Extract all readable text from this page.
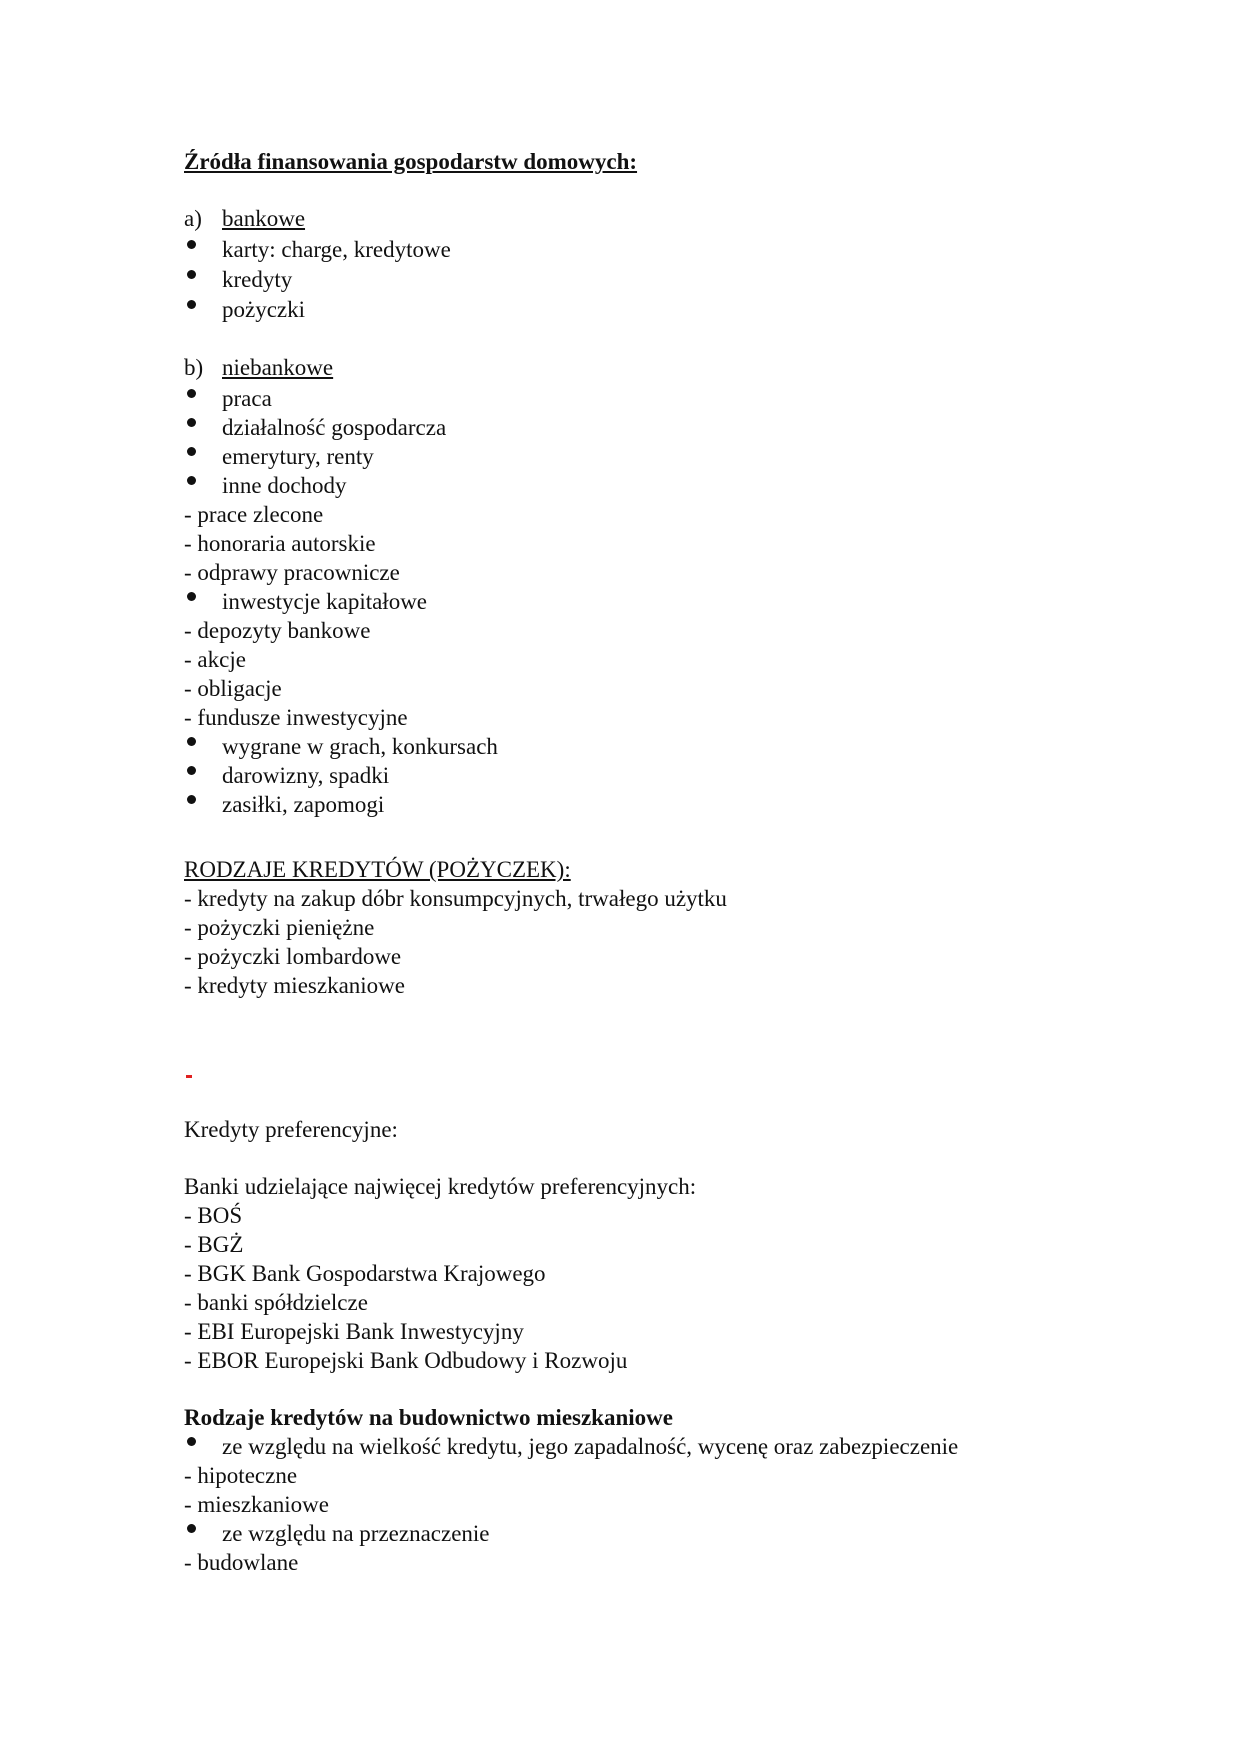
Źródła finansowania gospodarstw domowych:
a) bankowe
karty: charge, kredytowe
kredyty
pożyczki
b) niebankowe
praca
działalność gospodarcza
emerytury, renty
inne dochody
- prace zlecone
- honoraria autorskie
- odprawy pracownicze
inwestycje kapitałowe
- depozyty bankowe
- akcje
- obligacje
- fundusze inwestycyjne
wygrane w grach, konkursach
darowizny, spadki
zasiłki, zapomogi
RODZAJE KREDYTÓW (POŻYCZEK):
- kredyty na zakup dóbr konsumpcyjnych, trwałego użytku
- pożyczki pieniężne
- pożyczki lombardowe
- kredyty mieszkaniowe
Kredyty preferencyjne:
Banki udzielające najwięcej kredytów preferencyjnych:
- BOŚ
- BGŻ
- BGK Bank Gospodarstwa Krajowego
- banki spółdzielcze
- EBI Europejski Bank Inwestycyjny
- EBOR Europejski Bank Odbudowy i Rozwoju
Rodzaje kredytów na budownictwo mieszkaniowe
ze względu na wielkość kredytu, jego zapadalność, wycenę oraz zabezpieczenie
- hipoteczne
- mieszkaniowe
ze względu na przeznaczenie
- budowlane
